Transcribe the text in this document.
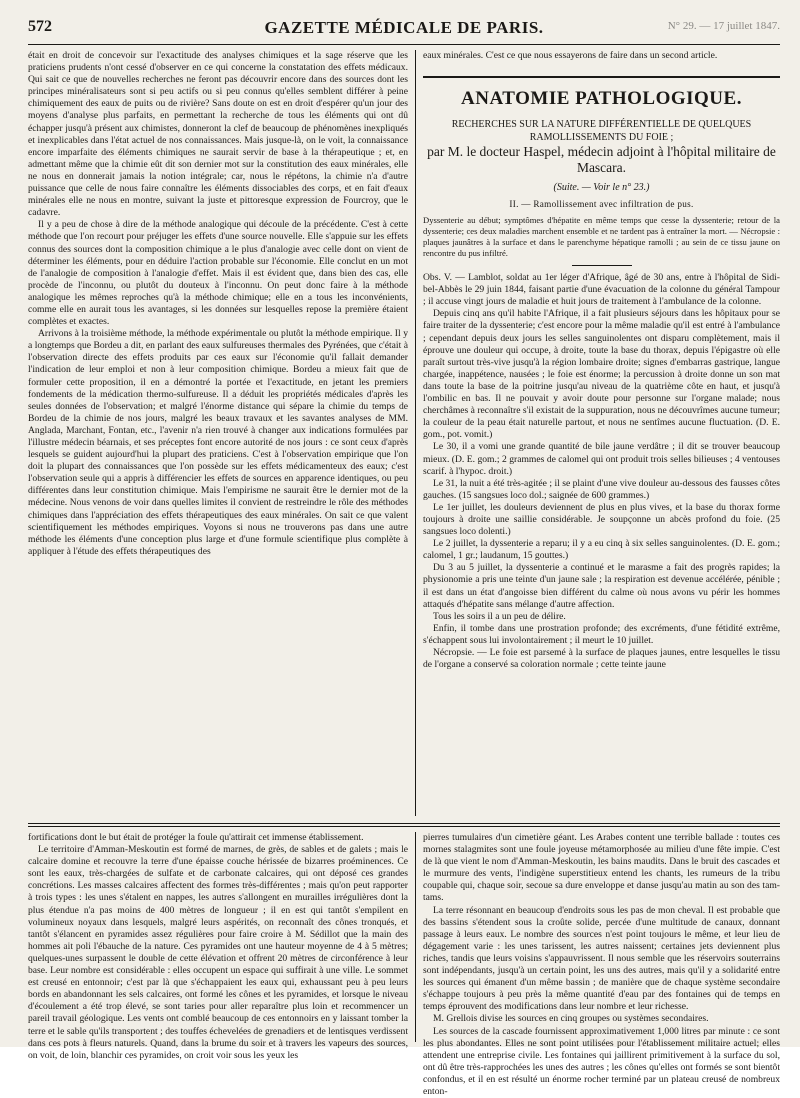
572	GAZETTE MÉDICALE DE PARIS.	N° 29. — 17 juillet 1847.

était en droit de concevoir sur l'exactitude des analyses chimiques et la sage réserve que les praticiens prudents n'ont cessé d'observer en ce qui concerne la constatation des effets médicaux. Qui sait ce que de nouvelles recherches ne feront pas découvrir encore dans des sources dont les principes minéralisateurs sont si peu actifs ou si peu connus qu'elles semblent différer à peine chimiquement des eaux de puits ou de rivière? Sans doute on est en droit d'espérer qu'un jour des moyens d'analyse plus parfaits, en permettant la recherche de tous les éléments qui ont dû échapper jusqu'à présent aux chimistes, donneront la clef de beaucoup de phénomènes inexpliqués et inexplicables dans l'état actuel de nos connaissances. Mais jusque-là, on le voit, la connaissance encore imparfaite des éléments chimiques ne saurait servir de base à la thérapeutique ; et, en admettant même que la chimie eût dit son dernier mot sur la constitution des eaux minérales, elle ne nous en donnerait jamais la notion intégrale; car, nous le répétons, la chimie n'a d'autre puissance que celle de nous faire connaître les éléments dissociables des corps, et en fait d'eaux minérales elle ne nous en montre, suivant la juste et pittoresque expression de Fourcroy, que le cadavre.

Il y a peu de chose à dire de la méthode analogique qui découle de la précédente. C'est à cette méthode que l'on recourt pour préjuger les effets d'une source nouvelle. Elle s'appuie sur les effets connus des sources dont la composition chimique a le plus d'analogie avec celle dont on vient de déterminer les éléments, pour en déduire l'action probable sur l'économie. Elle conclut en un mot de l'analogie de composition à l'analogie d'effet. Mais il est évident que, dans bien des cas, elle procède de l'inconnu, ou plutôt du douteux à l'inconnu. On peut donc faire à la méthode analogique les mêmes reproches qu'à la méthode chimique; elle en a tous les inconvénients, comme elle en aurait tous les avantages, si les données sur lesquelles repose la première étaient complètes et exactes.

Arrivons à la troisième méthode, la méthode expérimentale ou plutôt la méthode empirique. Il y a longtemps que Bordeu a dit, en parlant des eaux sulfureuses thermales des Pyrénées, que c'était à l'observation directe des effets produits par ces eaux sur l'économie qu'il fallait demander l'indication de leur emploi et non à leur composition chimique. Bordeu a mieux fait que de formuler cette proposition, il en a démontré la portée et l'exactitude, en jetant les premiers fondements de la médication thermo-sulfureuse. Il a déduit les propriétés médicales d'après les seules données de l'observation; et malgré l'énorme distance qui sépare la chimie du temps de Bordeu de la chimie de nos jours, malgré les beaux travaux et les savantes analyses de MM. Anglada, Marchant, Fontan, etc., l'avenir n'a rien trouvé à changer aux indications formulées par l'illustre médecin béarnais, et ses préceptes font encore autorité de nos jours : ce sont ceux d'après lesquels se guident aujourd'hui la plupart des praticiens. C'est à l'observation empirique que l'on doit la plupart des connaissances que l'on possède sur les effets médicamenteux des eaux; c'est l'observation seule qui a appris à différencier les effets de sources en apparence identiques, ou peu différentes dans leur constitution chimique. Mais l'empirisme ne saurait être le dernier mot de la médecine. Nous venons de voir dans quelles limites il convient de restreindre le rôle des méthodes chimiques dans l'appréciation des effets thérapeutiques des eaux minérales. On sait ce que valent scientifiquement les méthodes empiriques. Voyons si nous ne trouverons pas dans une autre méthode les éléments d'une conception plus large et d'une formule scientifique plus complète à appliquer à l'étude des effets thérapeutiques des

eaux minérales. C'est ce que nous essayerons de faire dans un second article.

ANATOMIE PATHOLOGIQUE.

RECHERCHES SUR LA NATURE DIFFÉRENTIELLE DE QUELQUES RAMOLLISSEMENTS DU FOIE ;

par M. le docteur Haspel, médecin adjoint à l'hôpital militaire de Mascara.

(Suite. — Voir le n° 23.)

II. — Ramollissement avec infiltration de pus.

Dyssenterie au début; symptômes d'hépatite en même temps que cesse la dyssenterie; retour de la dyssenterie; ces deux maladies marchent ensemble et ne tardent pas à entraîner la mort. — Nécropsie : plaques jaunâtres à la surface et dans le parenchyme hépatique ramolli ; au sein de ce tissu jaune on rencontre du pus infiltré.

Obs. V. — Lamblot, soldat au 1er léger d'Afrique, âgé de 30 ans, entre à l'hôpital de Sidi-bel-Abbès le 29 juin 1844, faisant partie d'une évacuation de la colonne du général Tampour ; il accuse vingt jours de maladie et huit jours de traitement à l'ambulance de la colonne.

Depuis cinq ans qu'il habite l'Afrique, il a fait plusieurs séjours dans les hôpitaux pour se faire traiter de la dyssenterie; c'est encore pour la même maladie qu'il est entré à l'ambulance ; cependant depuis deux jours les selles sanguinolentes ont disparu complètement, mais il éprouve une douleur qui occupe, à droite, toute la base du thorax, depuis l'épigastre où elle paraît surtout très-vive jusqu'à la région lombaire droite; signes d'embarras gastrique, langue chargée, inappétence, nausées ; le foie est énorme; la percussion à droite donne un son mat dans toute la base de la poitrine jusqu'au niveau de la quatrième côte en haut, et jusqu'à l'ombilic en bas. Il ne pouvait y avoir doute pour personne sur l'organe malade; nous cherchâmes à reconnaître s'il existait de la suppuration, nous ne découvrîmes aucune tumeur; la couleur de la peau était naturelle partout, et nous ne sentîmes aucune fluctuation. (D. E. gom., pot. vomit.)

Le 30, il a vomi une grande quantité de bile jaune verdâtre ; il dit se trouver beaucoup mieux. (D. E. gom.; 2 grammes de calomel qui ont produit trois selles bilieuses ; 4 ventouses scarif. à l'hypoc. droit.)

Le 31, la nuit a été très-agitée ; il se plaint d'une vive douleur au-dessous des fausses côtes gauches. (15 sangsues loco dol.; saignée de 600 grammes.)

Le 1er juillet, les douleurs deviennent de plus en plus vives, et la base du thorax forme toujours à droite une saillie considérable. Je soupçonne un abcès profond du foie. (25 sangsues loco dolenti.)

Le 2 juillet, la dyssenterie a reparu; il y a eu cinq à six selles sanguinolentes. (D. E. gom.; calomel, 1 gr.; laudanum, 15 gouttes.)

Du 3 au 5 juillet, la dyssenterie a continué et le marasme a fait des progrès rapides; la physionomie a pris une teinte d'un jaune sale ; la respiration est devenue accélérée, pénible ; il est dans un état d'angoisse bien différent du calme où nous avons vu périr les hommes attaqués d'hépatite sans mélange d'autre affection.

Tous les soirs il a un peu de délire.

Enfin, il tombe dans une prostration profonde; des excréments, d'une fétidité extrême, s'échappent sous lui involontairement ; il meurt le 10 juillet.

Nécropsie. — Le foie est parsemé à la surface de plaques jaunes, entre lesquelles le tissu de l'organe a conservé sa coloration normale ; cette teinte jaune

fortifications dont le but était de protéger la foule qu'attirait cet immense établissement.

Le territoire d'Amman-Meskoutin est formé de marnes, de grès, de sables et de galets ; mais le calcaire domine et recouvre la terre d'une épaisse couche hérissée de bizarres proéminences. Ce sont les eaux, très-chargées de sulfate et de carbonate calcaires, qui ont déposé ces grandes concrétions. Les masses calcaires affectent des formes très-différentes ; mais qu'on peut rapporter à trois types : les unes s'étalent en nappes, les autres s'allongent en murailles irrégulières dont la plus étendue n'a pas moins de 400 mètres de longueur ; il en est qui tantôt s'empilent en volumineux noyaux dans lesquels, malgré leurs aspérités, on reconnaît des cônes tronqués, et tantôt s'élancent en pyramides assez régulières pour faire croire à M. Sédillot que la main des hommes ait poli l'ébauche de la nature. Ces pyramides ont une hauteur moyenne de 4 à 5 mètres; quelques-unes surpassent le double de cette élévation et offrent 20 mètres de circonférence à leur base. Leur nombre est considérable : elles occupent un espace qui suffirait à une ville. Le sommet est creusé en entonnoir; c'est par là que s'échappaient les eaux qui, exhaussant peu à peu leurs bords en abandonnant les sels calcaires, ont formé les cônes et les pyramides, et lorsque le niveau d'écoulement a été trop élevé, se sont taries pour aller reparaître plus loin et recommencer un pareil travail géologique. Les vents ont comblé beaucoup de ces entonnoirs en y laissant tomber la terre et le sable qu'ils transportent ; des touffes échevelées de grenadiers et de lentisques verdissent dans ces pots à fleurs naturels. Quand, dans la brume du soir et à travers les vapeurs des sources, on voit, de loin, blanchir ces pyramides, on croit voir sous les yeux les

pierres tumulaires d'un cimetière géant. Les Arabes content une terrible ballade : toutes ces mornes stalagmites sont une foule joyeuse métamorphosée au milieu d'une fête impie. C'est de là que vient le nom d'Amman-Meskoutin, les bains maudits. Dans le bruit des cascades et le murmure des vents, l'indigène superstitieux entend les chants, les rumeurs de la tribu coupable qui, chaque soir, secoue sa dure enveloppe et danse jusqu'au matin au son des tam-tams.

La terre résonnant en beaucoup d'endroits sous les pas de mon cheval. Il est probable que des bassins s'étendent sous la croûte solide, percée d'une multitude de canaux, donnant passage à leurs eaux. Le nombre des sources n'est point toujours le même, et leur lieu de dégagement varie : les unes tarissent, les autres naissent; certaines jets deviennent plus riches, tandis que leurs voisins s'appauvrissent. Il nous semble que les réservoirs souterrains sont indépendants, jusqu'à un certain point, les uns des autres, mais qu'il y a solidarité entre les sources qui émanent d'un même bassin ; de manière que de chaque système secondaire s'échappe toujours à peu près la même quantité d'eau par des fontaines qui de temps en temps éprouvent des modifications dans leur nombre et leur richesse.

M. Grellois divise les sources en cinq groupes ou systèmes secondaires.

Les sources de la cascade fournissent approximativement 1,000 litres par minute : ce sont les plus abondantes. Elles ne sont point utilisées pour l'établissement militaire actuel; elles attendent une entreprise civile. Les fontaines qui jaillirent primitivement à la surface du sol, ont dû être très-rapprochées les unes des autres ; les cônes qu'elles ont formés se sont bientôt confondus, et il en est résulté un énorme rocher terminé par un plateau creusé de nombreux enton-
